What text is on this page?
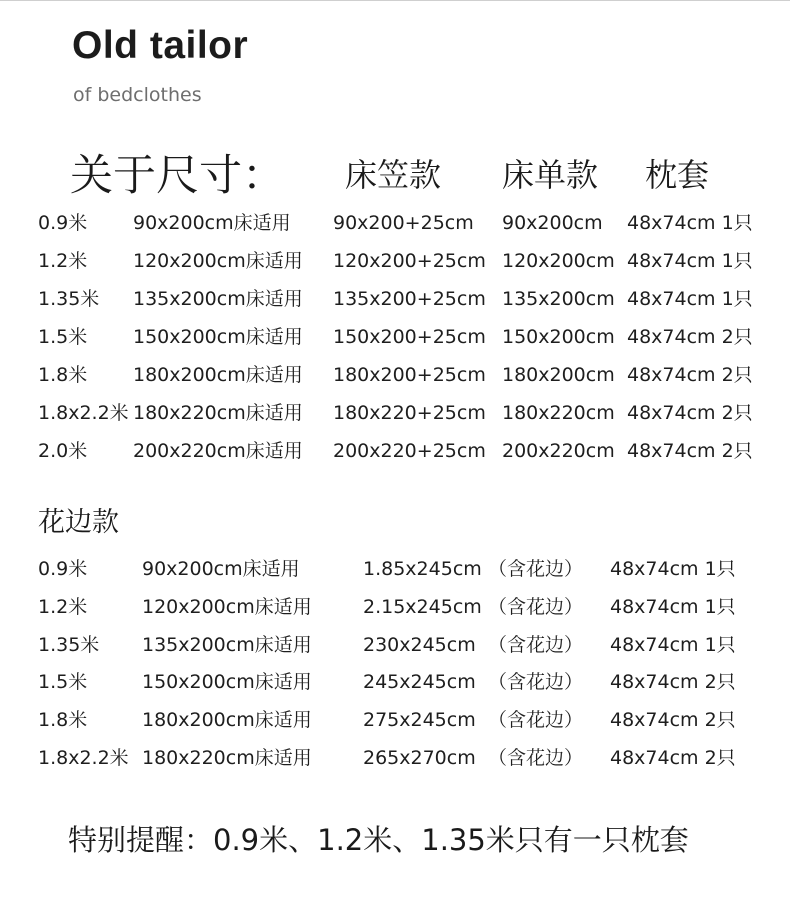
Old tailor
of bedclothes
关于尺寸： 床笠款 床单款 枕套
0.9米 90x200cm床适用 90x200+25cm 90x200cm 48x74cm 1只
1.2米 120x200cm床适用 120x200+25cm 120x200cm 48x74cm 1只
1.35米 135x200cm床适用 135x200+25cm 135x200cm 48x74cm 1只
1.5米 150x200cm床适用 150x200+25cm 150x200cm 48x74cm 2只
1.8米 180x200cm床适用 180x200+25cm 180x200cm 48x74cm 2只
1.8x2.2米 180x220cm床适用 180x220+25cm 180x220cm 48x74cm 2只
2.0米 200x220cm床适用 200x220+25cm 200x220cm 48x74cm 2只
花边款
0.9米	90x200cm床适用	1.85x245cm （含花边） 48x74cm 1只
1.2米	120x200cm床适用	2.15x245cm （含花边） 48x74cm 1只
1.35米 135x200cm床适用	230x245cm （含花边） 48x74cm 1只
1.5米	150x200cm床适用	245x245cm （含花边） 48x74cm 2只
1.8米	180x200cm床适用	275x245cm （含花边） 48x74cm 2只
1.8x2.2米 180x220cm床适用	265x270cm （含花边） 48x74cm 2只
特别提醒：0.9米、1.2米、1.35米只有一只枕套
